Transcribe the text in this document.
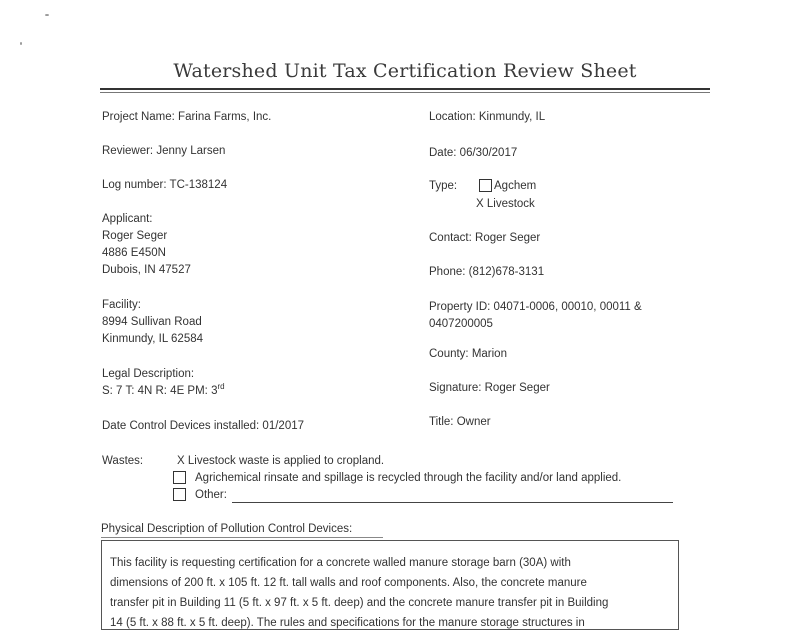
Watershed Unit Tax Certification Review Sheet
Project Name: Farina Farms, Inc.
Reviewer: Jenny Larsen
Log number: TC-138124
Applicant:
Roger Seger
4886 E450N
Dubois, IN 47527
Facility:
8994 Sullivan Road
Kinmundy, IL 62584
Legal Description:
S: 7 T: 4N R: 4E PM: 3rd
Date Control Devices installed: 01/2017
Location: Kinmundy, IL
Date: 06/30/2017
Type:	Agchem
X Livestock
Contact: Roger Seger
Phone: (812)678-3131
Property ID: 04071-0006, 00010, 00011 &
0407200005
County: Marion
Signature: Roger Seger
Title: Owner
Wastes:	X Livestock waste is applied to cropland.
Agrichemical rinsate and spillage is recycled through the facility and/or land applied.
Other:
Physical Description of Pollution Control Devices:
This facility is requesting certification for a concrete walled manure storage barn (30A) with
dimensions of 200 ft. x 105 ft. 12 ft. tall walls and roof components. Also, the concrete manure
transfer pit in Building 11 (5 ft. x 97 ft. x 5 ft. deep) and the concrete manure transfer pit in Building
14 (5 ft. x 88 ft. x 5 ft. deep). The rules and specifications for the manure storage structures in
